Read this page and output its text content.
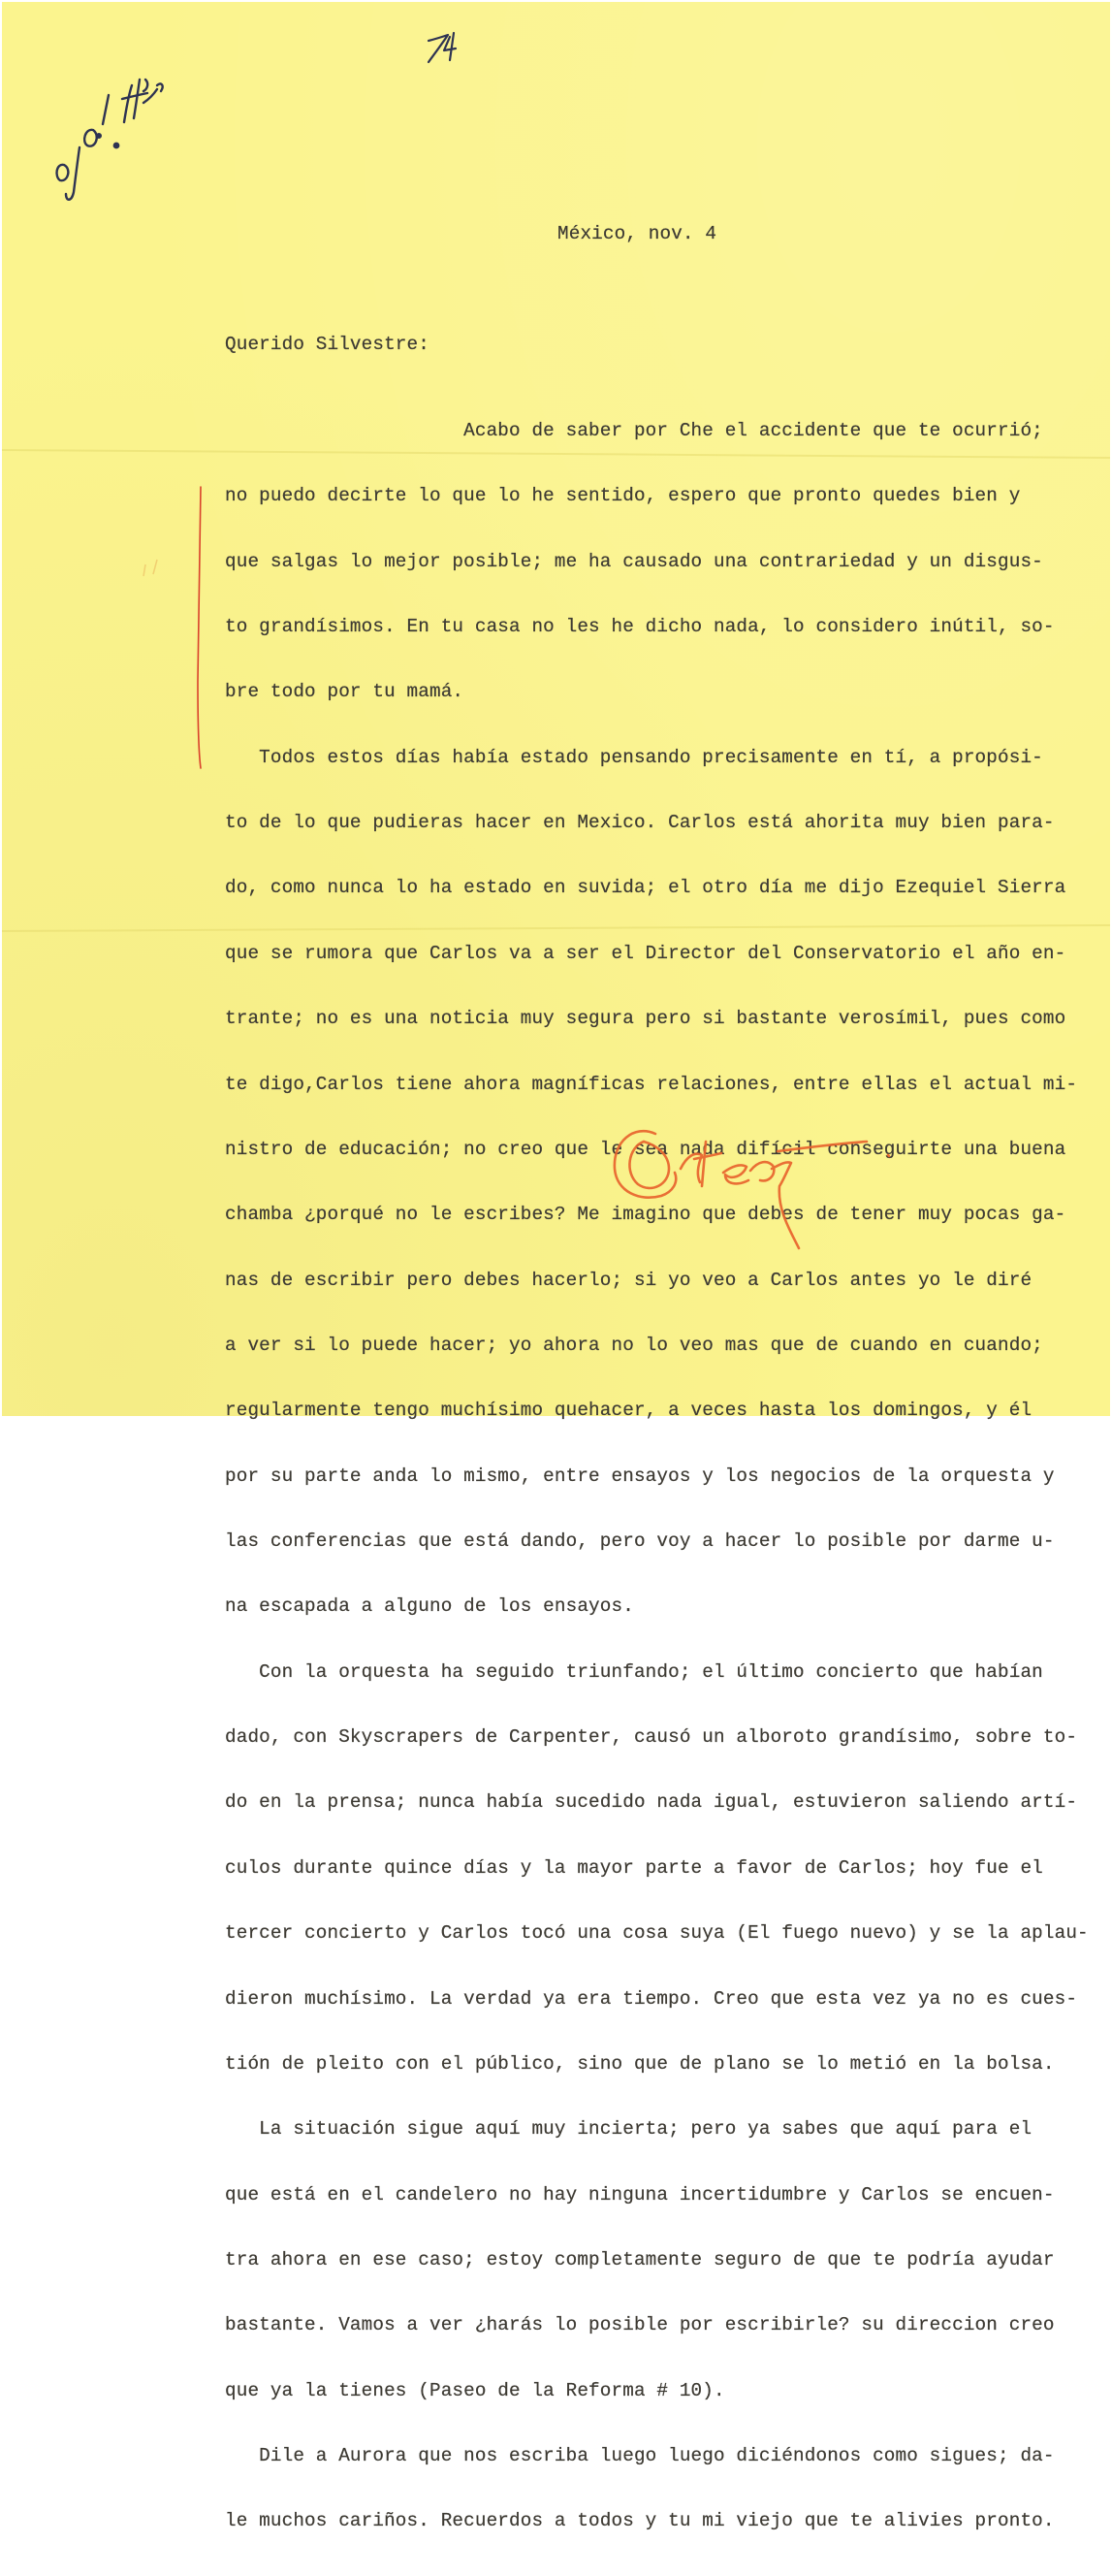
México, nov. 4

Querido Silvestre:

Acabo de saber por Che el accidente que te ocurrió;

no puedo decirte lo que lo he sentido, espero que pronto quedes bien y

que salgas lo mejor posible; me ha causado una contrariedad y un disgus-

to grandísimos. En tu casa no les he dicho nada, lo considero inútil, so-

bre todo por tu mamá.

Todos estos días había estado pensando precisamente en tí, a propósi-

to de lo que pudieras hacer en Mexico. Carlos está ahorita muy bien para-

do, como nunca lo ha estado en suvida; el otro día me dijo Ezequiel Sierra

que se rumora que Carlos va a ser el Director del Conservatorio el año en-

trante; no es una noticia muy segura pero si bastante verosímil, pues como

te digo,Carlos tiene ahora magníficas relaciones, entre ellas el actual mi-

nistro de educación; no creo que le sea nada difícil conseguirte una buena

chamba ¿porqué no le escribes? Me imagino que debes de tener muy pocas ga-

nas de escribir pero debes hacerlo; si yo veo a Carlos antes yo le diré

a ver si lo puede hacer; yo ahora no lo veo mas que de cuando en cuando;

regularmente tengo muchísimo quehacer, a veces hasta los domingos, y él

por su parte anda lo mismo, entre ensayos y los negocios de la orquesta y

las conferencias que está dando, pero voy a hacer lo posible por darme u-

na escapada a alguno de los ensayos.

Con la orquesta ha seguido triunfando; el último concierto que habían

dado, con Skyscrapers de Carpenter, causó un alboroto grandísimo, sobre to-

do en la prensa; nunca había sucedido nada igual, estuvieron saliendo artí-

culos durante quince días y la mayor parte a favor de Carlos; hoy fue el

tercer concierto y Carlos tocó una cosa suya (El fuego nuevo) y se la aplau-

dieron muchísimo. La verdad ya era tiempo. Creo que esta vez ya no es cues-

tión de pleito con el público, sino que de plano se lo metió en la bolsa.

La situación sigue aquí muy incierta; pero ya sabes que aquí para el

que está en el candelero no hay ninguna incertidumbre y Carlos se encuen-

tra ahora en ese caso; estoy completamente seguro de que te podría ayudar

bastante. Vamos a ver ¿harás lo posible por escribirle? su direccion creo

que ya la tienes (Paseo de la Reforma # 10).

Dile a Aurora que nos escriba luego luego diciéndonos como sigues; da-

le muchos cariños. Recuerdos a todos y tu mi viejo que te alivies pronto.
